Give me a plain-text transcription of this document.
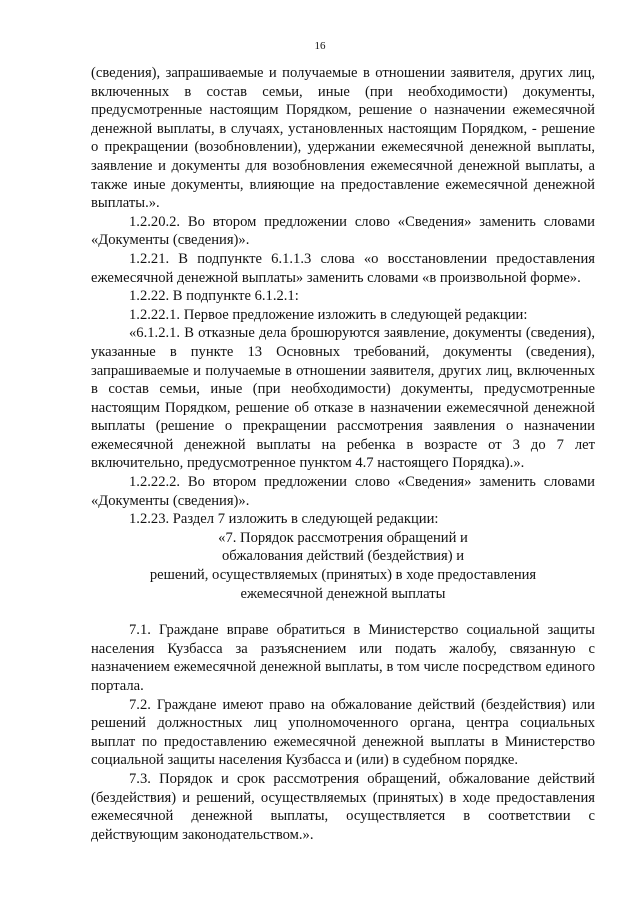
16

(сведения), запрашиваемые и получаемые в отношении заявителя, других лиц, включенных в состав семьи, иные (при необходимости) документы, предусмотренные настоящим Порядком, решение о назначении ежемесячной денежной выплаты, в случаях, установленных настоящим Порядком, - решение о прекращении (возобновлении), удержании ежемесячной денежной выплаты, заявление и документы для возобновления ежемесячной денежной выплаты, а также иные документы, влияющие на предоставление ежемесячной денежной выплаты.».

1.2.20.2. Во втором предложении слово «Сведения» заменить словами «Документы (сведения)».

1.2.21. В подпункте 6.1.1.3 слова «о восстановлении предоставления ежемесячной денежной выплаты» заменить словами «в произвольной форме».

1.2.22. В подпункте 6.1.2.1:

1.2.22.1. Первое предложение изложить в следующей редакции:

«6.1.2.1. В отказные дела брошюруются заявление, документы (сведения), указанные в пункте 13 Основных требований, документы (сведения), запрашиваемые и получаемые в отношении заявителя, других лиц, включенных в состав семьи, иные (при необходимости) документы, предусмотренные настоящим Порядком, решение об отказе в назначении ежемесячной денежной выплаты (решение о прекращении рассмотрения заявления о назначении ежемесячной денежной выплаты на ребенка в возрасте от 3 до 7 лет включительно, предусмотренное пунктом 4.7 настоящего Порядка).».

1.2.22.2. Во втором предложении слово «Сведения» заменить словами «Документы (сведения)».

1.2.23. Раздел 7 изложить в следующей редакции:

«7. Порядок рассмотрения обращений и
обжалования действий (бездействия) и
решений, осуществляемых (принятых) в ходе предоставления
ежемесячной денежной выплаты

7.1. Граждане вправе обратиться в Министерство социальной защиты населения Кузбасса за разъяснением или подать жалобу, связанную с назначением ежемесячной денежной выплаты, в том числе посредством единого портала.

7.2. Граждане имеют право на обжалование действий (бездействия) или решений должностных лиц уполномоченного органа, центра социальных выплат по предоставлению ежемесячной денежной выплаты в Министерство социальной защиты населения Кузбасса и (или) в судебном порядке.

7.3. Порядок и срок рассмотрения обращений, обжалование действий (бездействия) и решений, осуществляемых (принятых) в ходе предоставления ежемесячной денежной выплаты, осуществляется в соответствии с действующим законодательством.».
